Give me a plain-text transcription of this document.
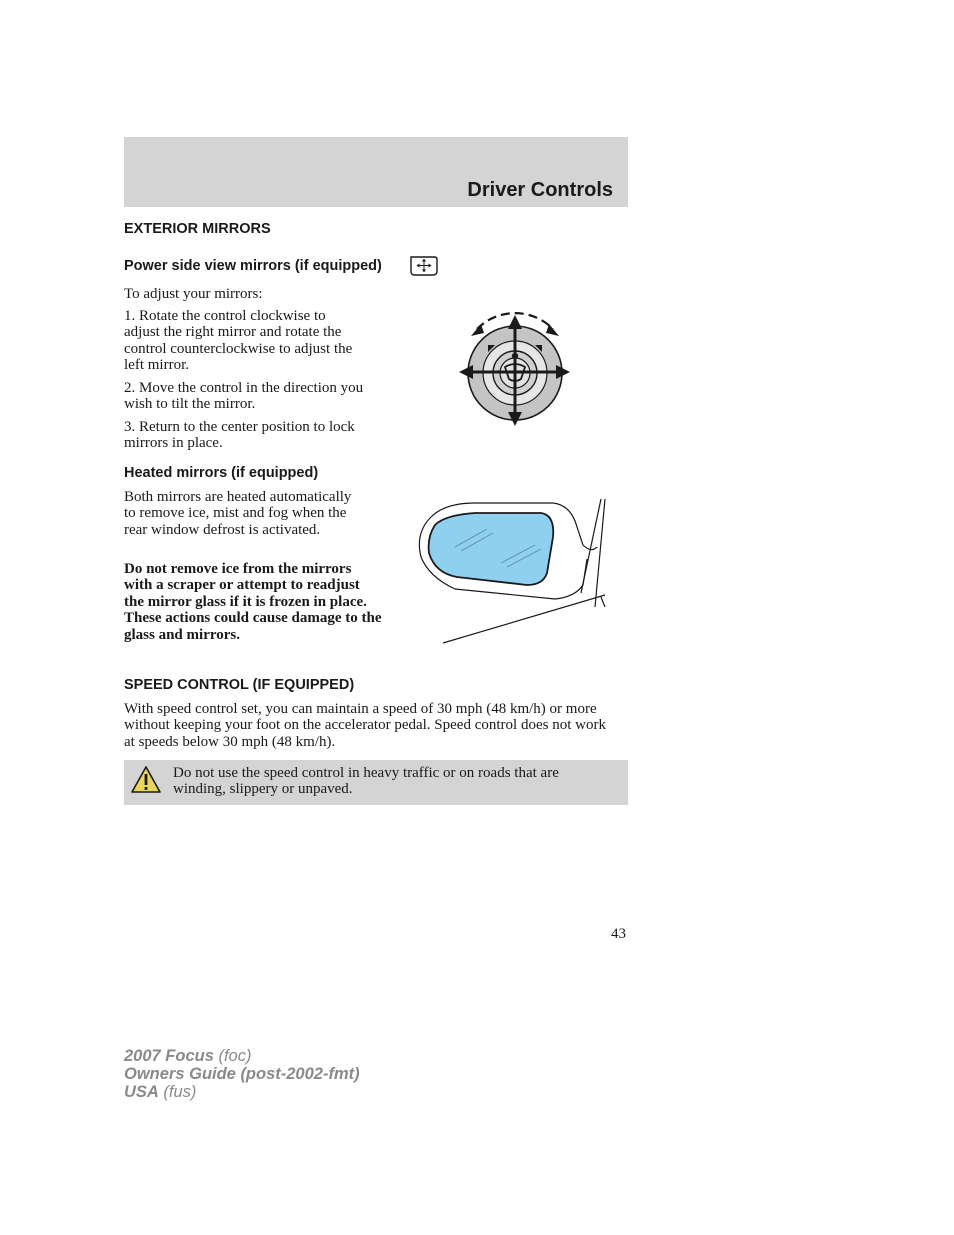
Driver Controls
EXTERIOR MIRRORS
Power side view mirrors (if equipped)
To adjust your mirrors:
1. Rotate the control clockwise to adjust the right mirror and rotate the control counterclockwise to adjust the left mirror.
2. Move the control in the direction you wish to tilt the mirror.
3. Return to the center position to lock mirrors in place.
Heated mirrors (if equipped)
Both mirrors are heated automatically to remove ice, mist and fog when the rear window defrost is activated.
Do not remove ice from the mirrors with a scraper or attempt to readjust the mirror glass if it is frozen in place. These actions could cause damage to the glass and mirrors.
SPEED CONTROL (IF EQUIPPED)
With speed control set, you can maintain a speed of 30 mph (48 km/h) or more without keeping your foot on the accelerator pedal. Speed control does not work at speeds below 30 mph (48 km/h).
Do not use the speed control in heavy traffic or on roads that are winding, slippery or unpaved.
43
2007 Focus (foc)
Owners Guide (post-2002-fmt)
USA (fus)
